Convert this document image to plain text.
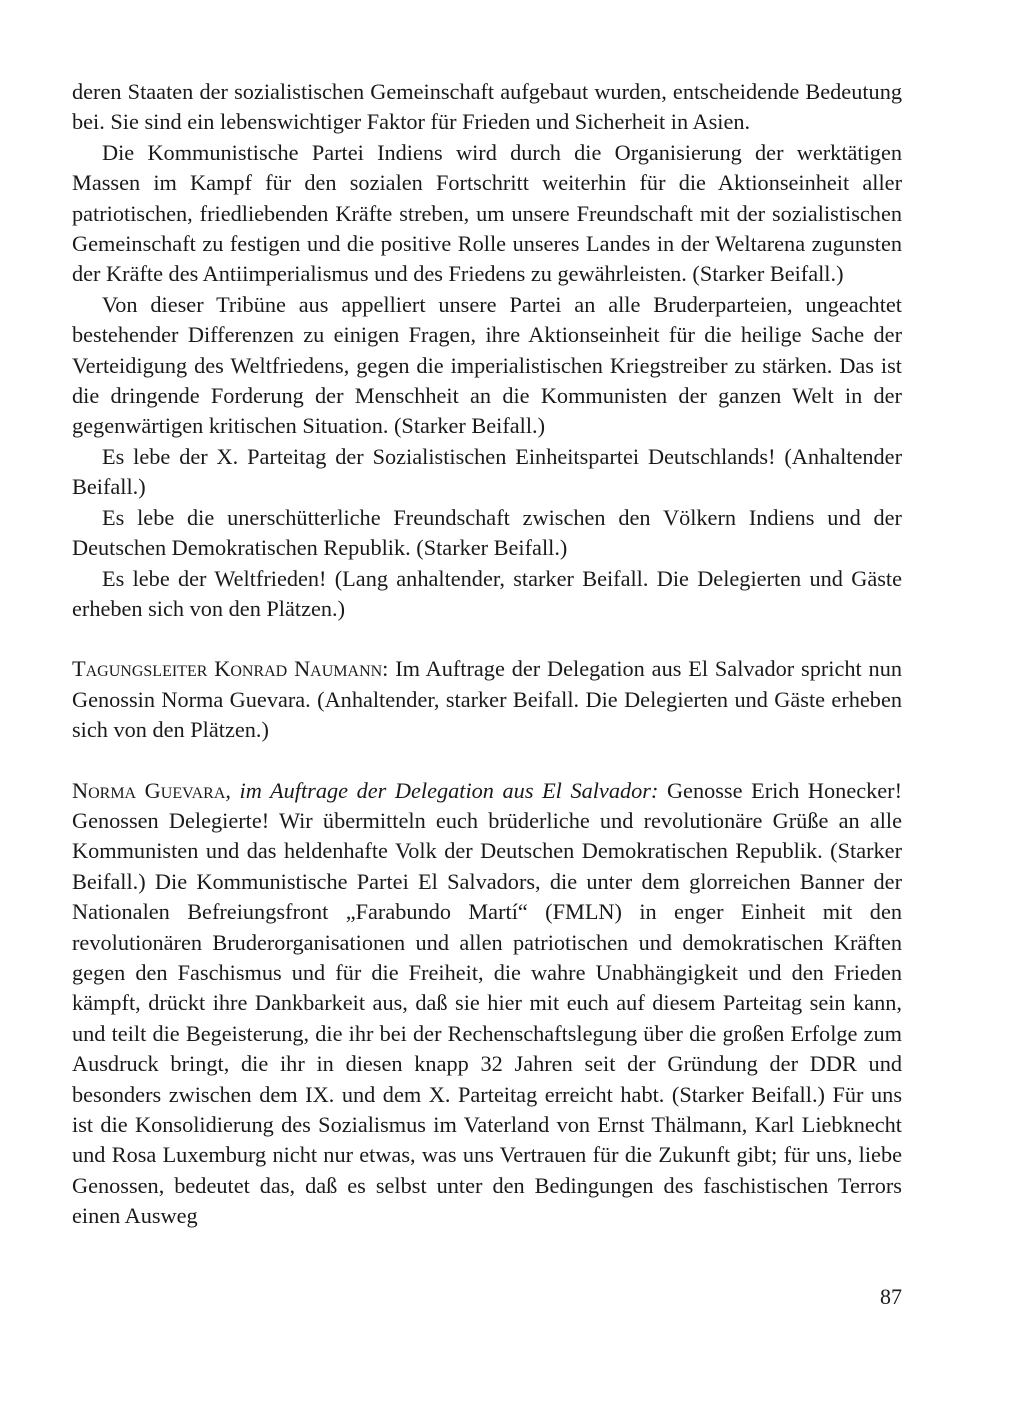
deren Staaten der sozialistischen Gemeinschaft aufgebaut wurden, entscheidende Bedeutung bei. Sie sind ein lebenswichtiger Faktor für Frieden und Sicherheit in Asien.

Die Kommunistische Partei Indiens wird durch die Organisierung der werktätigen Massen im Kampf für den sozialen Fortschritt weiterhin für die Aktionseinheit aller patriotischen, friedliebenden Kräfte streben, um unsere Freundschaft mit der sozialistischen Gemeinschaft zu festigen und die positive Rolle unseres Landes in der Weltarena zugunsten der Kräfte des Antiimperialismus und des Friedens zu gewährleisten. (Starker Beifall.)

Von dieser Tribüne aus appelliert unsere Partei an alle Bruderparteien, ungeachtet bestehender Differenzen zu einigen Fragen, ihre Aktionseinheit für die heilige Sache der Verteidigung des Weltfriedens, gegen die imperialistischen Kriegstreiber zu stärken. Das ist die dringende Forderung der Menschheit an die Kommunisten der ganzen Welt in der gegenwärtigen kritischen Situation. (Starker Beifall.)

Es lebe der X. Parteitag der Sozialistischen Einheitspartei Deutschlands! (Anhaltender Beifall.)

Es lebe die unerschütterliche Freundschaft zwischen den Völkern Indiens und der Deutschen Demokratischen Republik. (Starker Beifall.)

Es lebe der Weltfrieden! (Lang anhaltender, starker Beifall. Die Delegierten und Gäste erheben sich von den Plätzen.)

Tagungsleiter Konrad Naumann: Im Auftrage der Delegation aus El Salvador spricht nun Genossin Norma Guevara. (Anhaltender, starker Beifall. Die Delegierten und Gäste erheben sich von den Plätzen.)

Norma Guevara, im Auftrage der Delegation aus El Salvador: Genosse Erich Honecker! Genossen Delegierte! Wir übermitteln euch brüderliche und revolutionäre Grüße an alle Kommunisten und das heldenhafte Volk der Deutschen Demokratischen Republik. (Starker Beifall.) Die Kommunistische Partei El Salvadors, die unter dem glorreichen Banner der Nationalen Befreiungsfront „Farabundo Martí“ (FMLN) in enger Einheit mit den revolutionären Bruderorganisationen und allen patriotischen und demokratischen Kräften gegen den Faschismus und für die Freiheit, die wahre Unabhängigkeit und den Frieden kämpft, drückt ihre Dankbarkeit aus, daß sie hier mit euch auf diesem Parteitag sein kann, und teilt die Begeisterung, die ihr bei der Rechenschaftslegung über die großen Erfolge zum Ausdruck bringt, die ihr in diesen knapp 32 Jahren seit der Gründung der DDR und besonders zwischen dem IX. und dem X. Parteitag erreicht habt. (Starker Beifall.) Für uns ist die Konsolidierung des Sozialismus im Vaterland von Ernst Thälmann, Karl Liebknecht und Rosa Luxemburg nicht nur etwas, was uns Vertrauen für die Zukunft gibt; für uns, liebe Genossen, bedeutet das, daß es selbst unter den Bedingungen des faschistischen Terrors einen Ausweg

87
